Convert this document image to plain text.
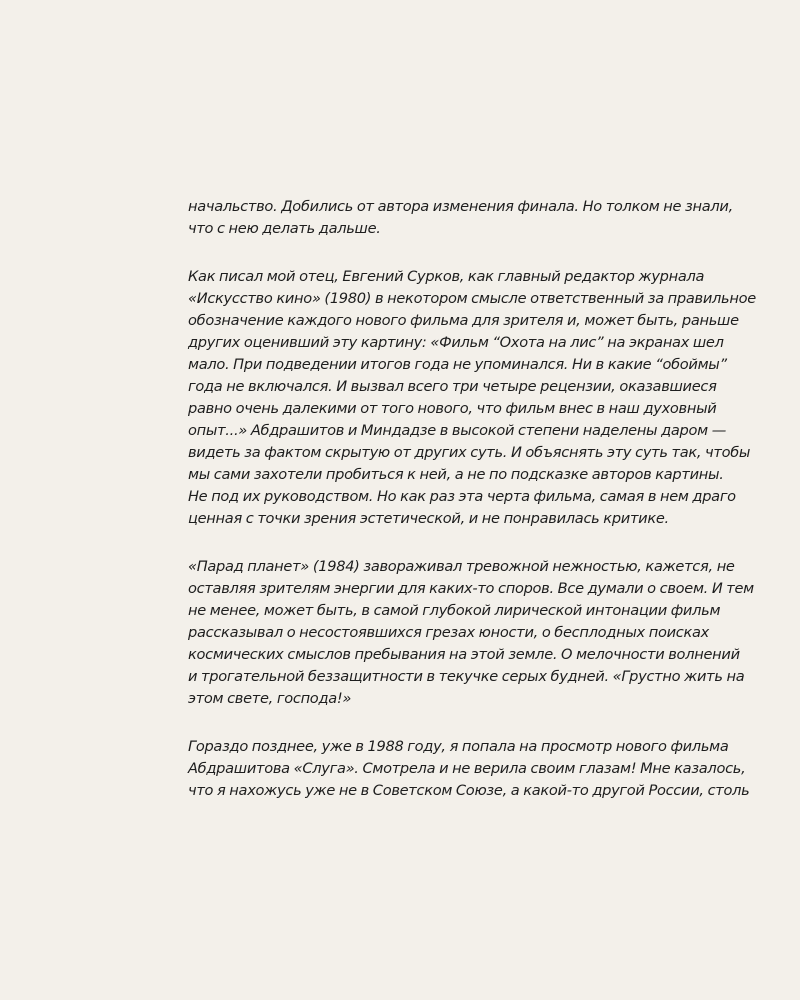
начальство. Добились от автора изменения финала. Но толком не знали,
что с нею делать дальше.

Как писал мой отец, Евгений Сурков, как главный редактор журнала
«Искусство кино» (1980) в некотором смысле ответственный за правильное
обозначение каждого нового фильма для зрителя и, может быть, раньше
других оценивший эту картину: «Фильм “Охота на лис” на экранах шел
мало. При подведении итогов года не упоминался. Ни в какие “обоймы”
года не включался. И вызвал всего три четыре рецензии, оказавшиеся
равно очень далекими от того нового, что фильм внес в наш духовный
опыт...» Абдрашитов и Миндадзе в высокой степени наделены даром —
видеть за фактом скрытую от других суть. И объяснять эту суть так, чтобы
мы сами захотели пробиться к ней, а не по подсказке авторов картины.
Не под их руководством. Но как раз эта черта фильма, самая в нем драго
ценная с точки зрения эстетической, и не понравилась критике.

«Парад планет» (1984) завораживал тревожной нежностью, кажется, не
оставляя зрителям энергии для каких-то споров. Все думали о своем. И тем
не менее, может быть, в самой глубокой лирической интонации фильм
рассказывал о несостоявшихся грезах юности, о бесплодных поисках
космических смыслов пребывания на этой земле. О мелочности волнений
и трогательной беззащитности в текучке серых будней. «Грустно жить на
этом свете, господа!»

Гораздо позднее, уже в 1988 году, я попала на просмотр нового фильма
Абдрашитова «Слуга». Смотрела и не верила своим глазам! Мне казалось,
что я нахожусь уже не в Советском Союзе, а какой-то другой России, столь
